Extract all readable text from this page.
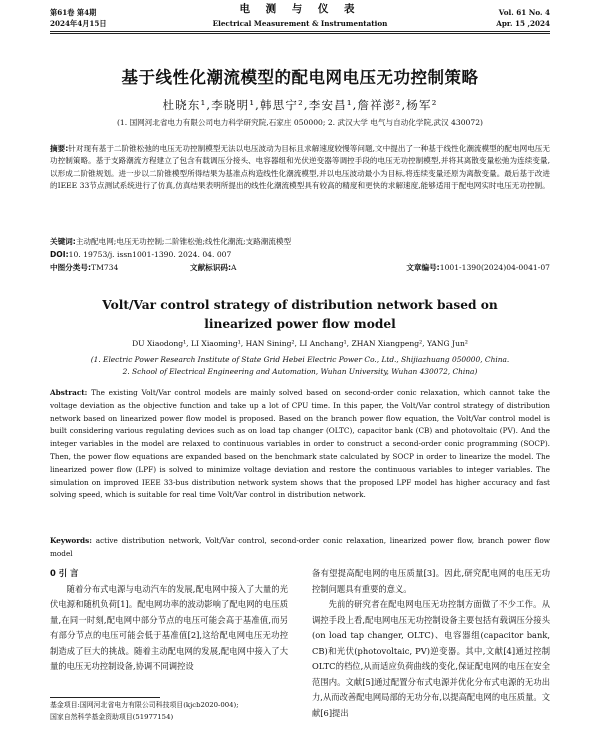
第61卷 第4期
2024年4月15日
电 测 与 仪 表
Electrical Measurement & Instrumentation
Vol. 61 No. 4
Apr. 15 ,2024
基于线性化潮流模型的配电网电压无功控制策略
杜晓东¹,李晓明¹,韩思宁²,李安昌¹,詹祥澎²,杨军²
(1. 国网河北省电力有限公司电力科学研究院,石家庄 050000; 2. 武汉大学 电气与自动化学院,武汉 430072)
摘要:针对现有基于二阶锥松弛的电压无功控制模型无法以电压波动为目标且求解速度较慢等问题,文中提出了一种基于线性化潮流模型的配电网电压无功控制策略。基于支路潮流方程建立了包含有载调压分接头、电容器组和光伏逆变器等调控手段的电压无功控制模型,并将其离散变量松弛为连续变量,以形成二阶锥规划。进一步以二阶锥模型所得结果为基准点构造线性化潮流模型,并以电压波动最小为目标,将连续变量还原为离散变量。最后基于改进的IEEE 33节点测试系统进行了仿真,仿真结果表明所提出的线性化潮流模型具有较高的精度和更快的求解速度,能够适用于配电网实时电压无功控制。
关键词:主动配电网;电压无功控制;二阶锥松弛;线性化潮流;支路潮流模型
DOI:10. 19753/j. issn1001-1390. 2024. 04. 007
中图分类号:TM734	文献标识码:A	文章编号:1001-1390(2024)04-0041-07
Volt/Var control strategy of distribution network based on
linearized power flow model
DU Xiaodong¹, LI Xiaoming¹, HAN Sining², LI Anchang¹, ZHAN Xiangpeng², YANG Jun²
(1. Electric Power Research Institute of State Grid Hebei Electric Power Co., Ltd., Shijiazhuang 050000, China.
2. School of Electrical Engineering and Automation, Wuhan University, Wuhan 430072, China)
Abstract: The existing Volt/Var control models are mainly solved based on second-order conic relaxation, which cannot take the voltage deviation as the objective function and take up a lot of CPU time. In this paper, the Volt/Var control strategy of distribution network based on linearized power flow model is proposed. Based on the branch power flow equation, the Volt/Var control model is built considering various regulating devices such as on load tap changer (OLTC), capacitor bank (CB) and photovoltaic (PV). And the integer variables in the model are relaxed to continuous variables in order to construct a second-order conic programming (SOCP). Then, the power flow equations are expanded based on the benchmark state calculated by SOCP in order to linearize the model. The linearized power flow (LPF) is solved to minimize voltage deviation and restore the continuous variables to integer variables. The simulation on improved IEEE 33-bus distribution network system shows that the proposed LPF model has higher accuracy and fast solving speed, which is suitable for real time Volt/Var control in distribution network.
Keywords: active distribution network, Volt/Var control, second-order conic relaxation, linearized power flow, branch power flow model
0 引 言
随着分布式电源与电动汽车的发展,配电网中接入了大量的光伏电源和随机负荷[1]。配电网功率的波动影响了配电网的电压质量,在同一时刻,配电网中部分节点的电压可能会高于基准值,而另有部分节点的电压可能会低于基准值[2],这给配电网电压无功控制造成了巨大的挑战。随着主动配电网的发展,配电网中接入了大量的电压无功控制设备,协调不同调控设
备有望提高配电网的电压质量[3]。因此,研究配电网的电压无功控制问题具有重要的意义。
先前的研究者在配电网电压无功控制方面做了不少工作。从调控手段上看,配电网电压无功控制设备主要包括有载调压分接头(on load tap changer, OLTC)、电容器组(capacitor bank, CB)和光伏(photovoltaic, PV)逆变器。其中,文献[4]通过控制OLTC的档位,从而适应负荷曲线的变化,保证配电网的电压在安全范围内。文献[5]通过配置分布式电源并优化分布式电源的无功出力,从而改善配电网局部的无功分布,以提高配电网的电压质量。文献[6]提出
基金项目:国网河北省电力有限公司科技项目(kjcb2020-004);
国家自然科学基金资助项目(51977154)
